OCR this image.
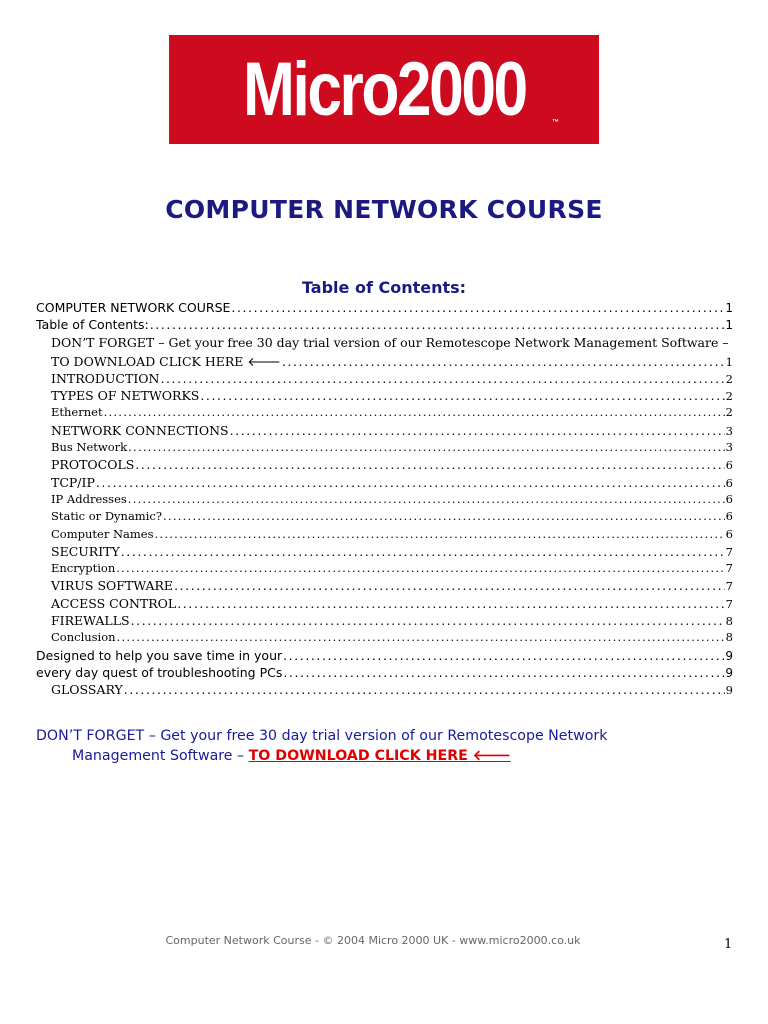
Micro2000	™
COMPUTER NETWORK COURSE
Table of Contents:
COMPUTER NETWORK COURSE . . .	1
Table of Contents: . . .	1
DON’T FORGET – Get your free 30 day trial version of our Remotescope Network Management Software –
TO DOWNLOAD CLICK HERE 🡐 . . .	1
INTRODUCTION . . .	2
TYPES OF NETWORKS . . .	2
Ethernet . . .	2
NETWORK CONNECTIONS . . .	3
Bus Network . . .	3
PROTOCOLS . . .	6
TCP/IP . . .	6
IP Addresses . . .	6
Static or Dynamic? . . .	6
Computer Names . . .	6
SECURITY . . .	7
Encryption . . .	7
VIRUS SOFTWARE . . .	7
ACCESS CONTROL . . .	7
FIREWALLS . . .	8
Conclusion . . .	8
Designed to help you save time in your . . .	9
every day quest of troubleshooting PCs . . .	9
GLOSSARY . . .	9
DON’T FORGET – Get your free 30 day trial version of our Remotescope Network
Management Software – TO DOWNLOAD CLICK HERE 🡐
Computer Network Course - © 2004 Micro 2000 UK - www.micro2000.co.uk	1
